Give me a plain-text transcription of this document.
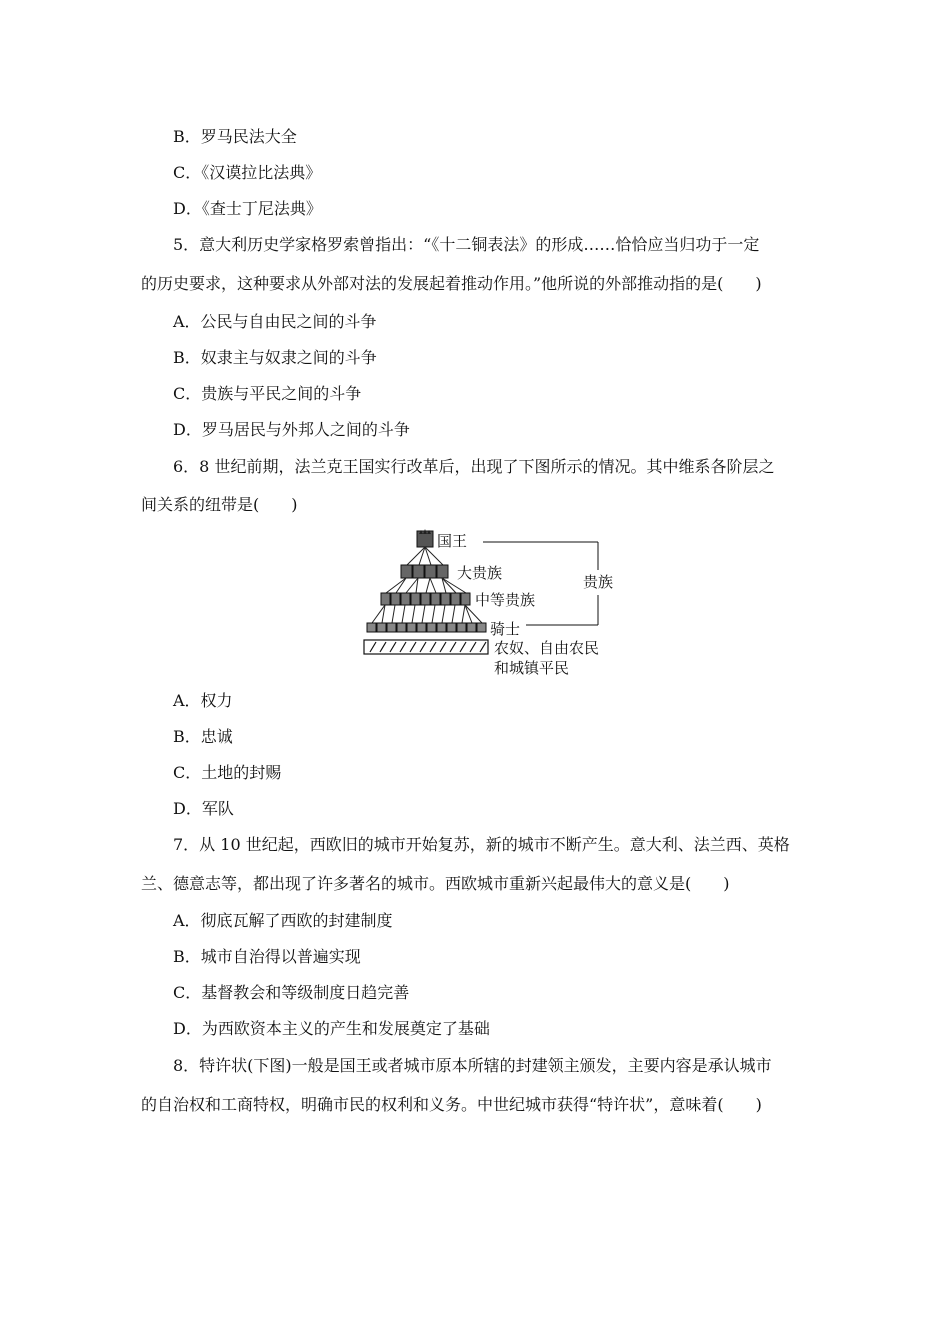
B．罗马民法大全
C．《汉谟拉比法典》
D．《查士丁尼法典》
5．意大利历史学家格罗索曾指出：“《十二铜表法》的形成……恰恰应当归功于一定
的历史要求，这种要求从外部对法的发展起着推动作用。”他所说的外部推动指的是(　　)
A．公民与自由民之间的斗争
B．奴隶主与奴隶之间的斗争
C．贵族与平民之间的斗争
D．罗马居民与外邦人之间的斗争
6．8 世纪前期，法兰克王国实行改革后，出现了下图所示的情况。其中维系各阶层之
间关系的纽带是(　　)
国王
大贵族
中等贵族
骑士
农奴、自由农民
和城镇平民
贵族
A．权力
B．忠诚
C．土地的封赐
D．军队
7．从 10 世纪起，西欧旧的城市开始复苏，新的城市不断产生。意大利、法兰西、英格
兰、德意志等，都出现了许多著名的城市。西欧城市重新兴起最伟大的意义是(　　)
A．彻底瓦解了西欧的封建制度
B．城市自治得以普遍实现
C．基督教会和等级制度日趋完善
D．为西欧资本主义的产生和发展奠定了基础
8．特许状(下图)一般是国王或者城市原本所辖的封建领主颁发，主要内容是承认城市
的自治权和工商特权，明确市民的权利和义务。中世纪城市获得“特许状”，意味着(　　)
